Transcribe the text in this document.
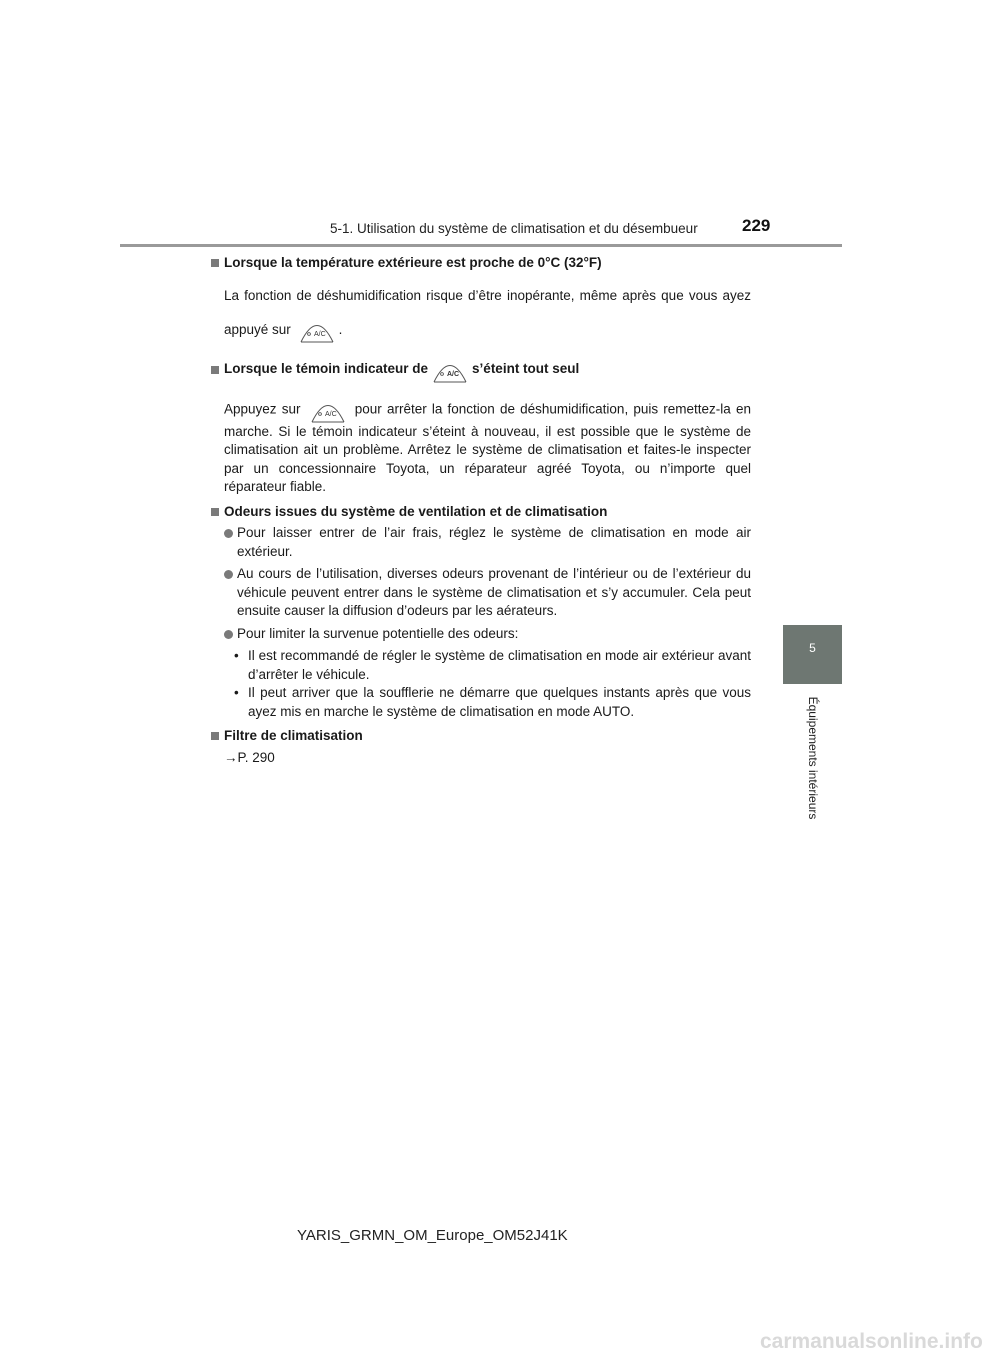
5-1. Utilisation du système de climatisation et du désembueur	229
5
Équipements intérieurs

Lorsque la température extérieure est proche de 0°C (32°F)

La fonction de déshumidification risque d’être inopérante, même après que vous ayez appuyé sur	A/C .

Lorsque le témoin indicateur de	A/C s’éteint tout seul

Appuyez sur	A/C pour arrêter la fonction de déshumidification, puis remettez-la en marche. Si le témoin indicateur s’éteint à nouveau, il est possible que le système de climatisation ait un problème. Arrêtez le système de climatisation et faites-le inspecter par un concessionnaire Toyota, un réparateur agréé Toyota, ou n’importe quel réparateur fiable.

Odeurs issues du système de ventilation et de climatisation

Pour laisser entrer de l’air frais, réglez le système de climatisation en mode air extérieur.
Au cours de l’utilisation, diverses odeurs provenant de l’intérieur ou de l’extérieur du véhicule peuvent entrer dans le système de climatisation et s’y accumuler. Cela peut ensuite causer la diffusion d’odeurs par les aérateurs.
Pour limiter la survenue potentielle des odeurs:
• Il est recommandé de régler le système de climatisation en mode air extérieur avant d’arrêter le véhicule.
• Il peut arriver que la soufflerie ne démarre que quelques instants après que vous ayez mis en marche le système de climatisation en mode AUTO.

Filtre de climatisation

→P. 290

YARIS_GRMN_OM_Europe_OM52J41K
carmanualsonline.info
